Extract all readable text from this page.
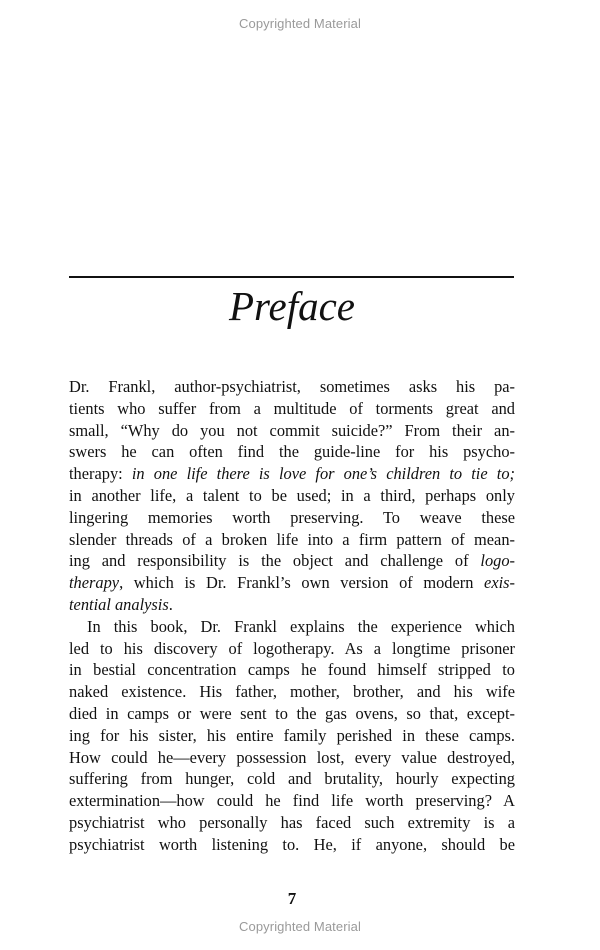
Copyrighted Material
Preface
Dr. Frankl, author-psychiatrist, sometimes asks his pa-
tients who suffer from a multitude of torments great and
small, “Why do you not commit suicide?” From their an-
swers he can often find the guide-line for his psycho-
therapy: in one life there is love for one’s children to tie to;
in another life, a talent to be used; in a third, perhaps only
lingering memories worth preserving. To weave these
slender threads of a broken life into a firm pattern of mean-
ing and responsibility is the object and challenge of logo-
therapy, which is Dr. Frankl’s own version of modern exis-
tential analysis.
In this book, Dr. Frankl explains the experience which
led to his discovery of logotherapy. As a longtime prisoner
in bestial concentration camps he found himself stripped to
naked existence. His father, mother, brother, and his wife
died in camps or were sent to the gas ovens, so that, except-
ing for his sister, his entire family perished in these camps.
How could he—every possession lost, every value destroyed,
suffering from hunger, cold and brutality, hourly expecting
extermination—how could he find life worth preserving? A
psychiatrist who personally has faced such extremity is a
psychiatrist worth listening to. He, if anyone, should be
7
Copyrighted Material
